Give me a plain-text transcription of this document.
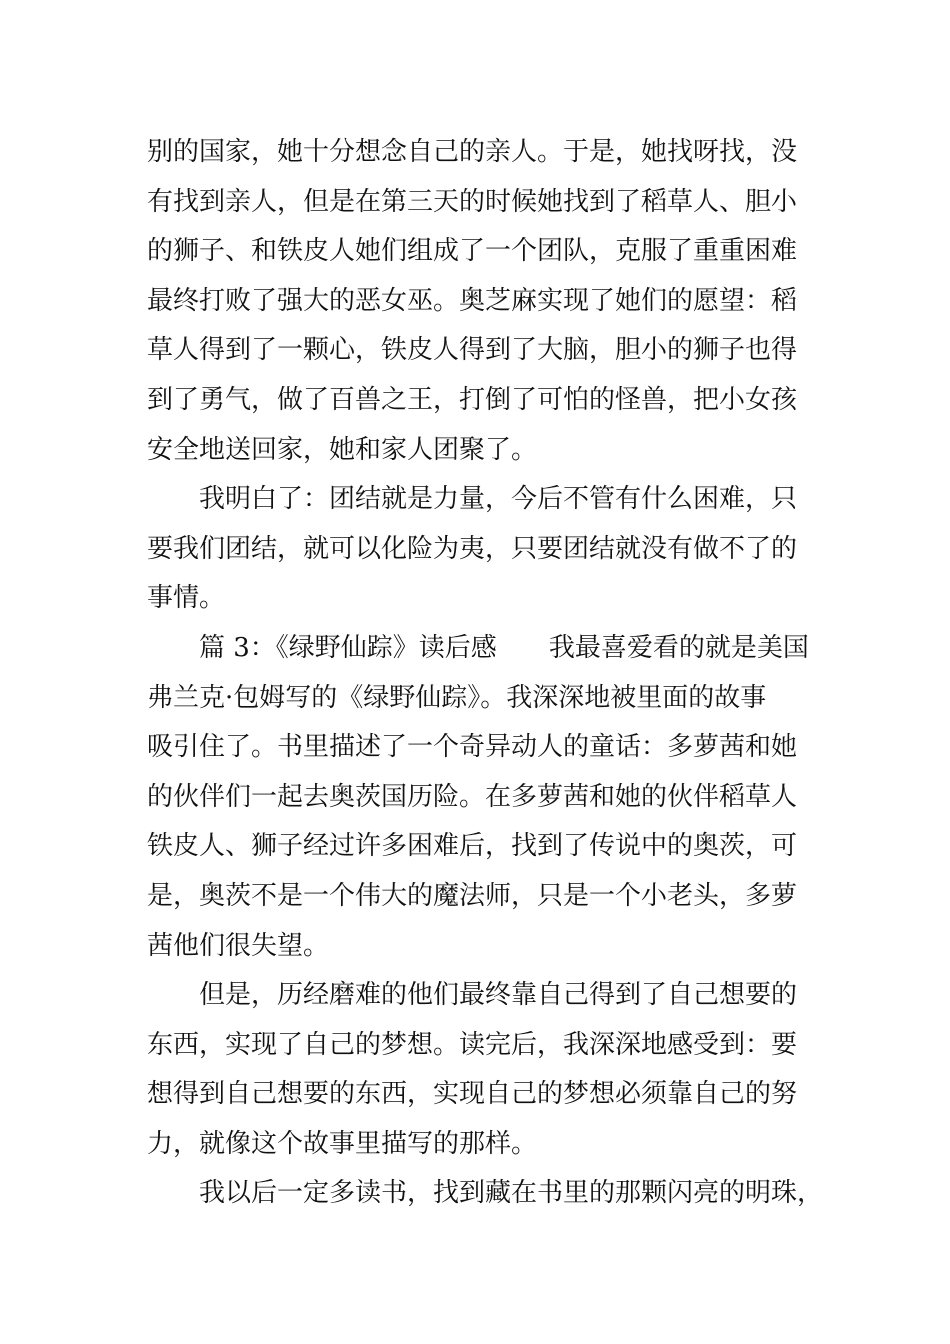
别的国家，她十分想念自己的亲人。于是，她找呀找，没
有找到亲人，但是在第三天的时候她找到了稻草人、胆小
的狮子、和铁皮人她们组成了一个团队，克服了重重困难
最终打败了强大的恶女巫。奥芝麻实现了她们的愿望：稻
草人得到了一颗心，铁皮人得到了大脑，胆小的狮子也得
到了勇气，做了百兽之王，打倒了可怕的怪兽，把小女孩
安全地送回家，她和家人团聚了。
我明白了：团结就是力量，今后不管有什么困难，只
要我们团结，就可以化险为夷，只要团结就没有做不了的
事情。
篇 3：《绿野仙踪》读后感 我最喜爱看的就是美国
弗兰克·包姆写的《绿野仙踪》。我深深地被里面的故事
吸引住了。书里描述了一个奇异动人的童话：多萝茜和她
的伙伴们一起去奥茨国历险。在多萝茜和她的伙伴稻草人
铁皮人、狮子经过许多困难后，找到了传说中的奥茨，可
是，奥茨不是一个伟大的魔法师，只是一个小老头，多萝
茜他们很失望。
但是，历经磨难的他们最终靠自己得到了自己想要的
东西，实现了自己的梦想。读完后，我深深地感受到：要
想得到自己想要的东西，实现自己的梦想必须靠自己的努
力，就像这个故事里描写的那样。
我以后一定多读书，找到藏在书里的那颗闪亮的明珠，
